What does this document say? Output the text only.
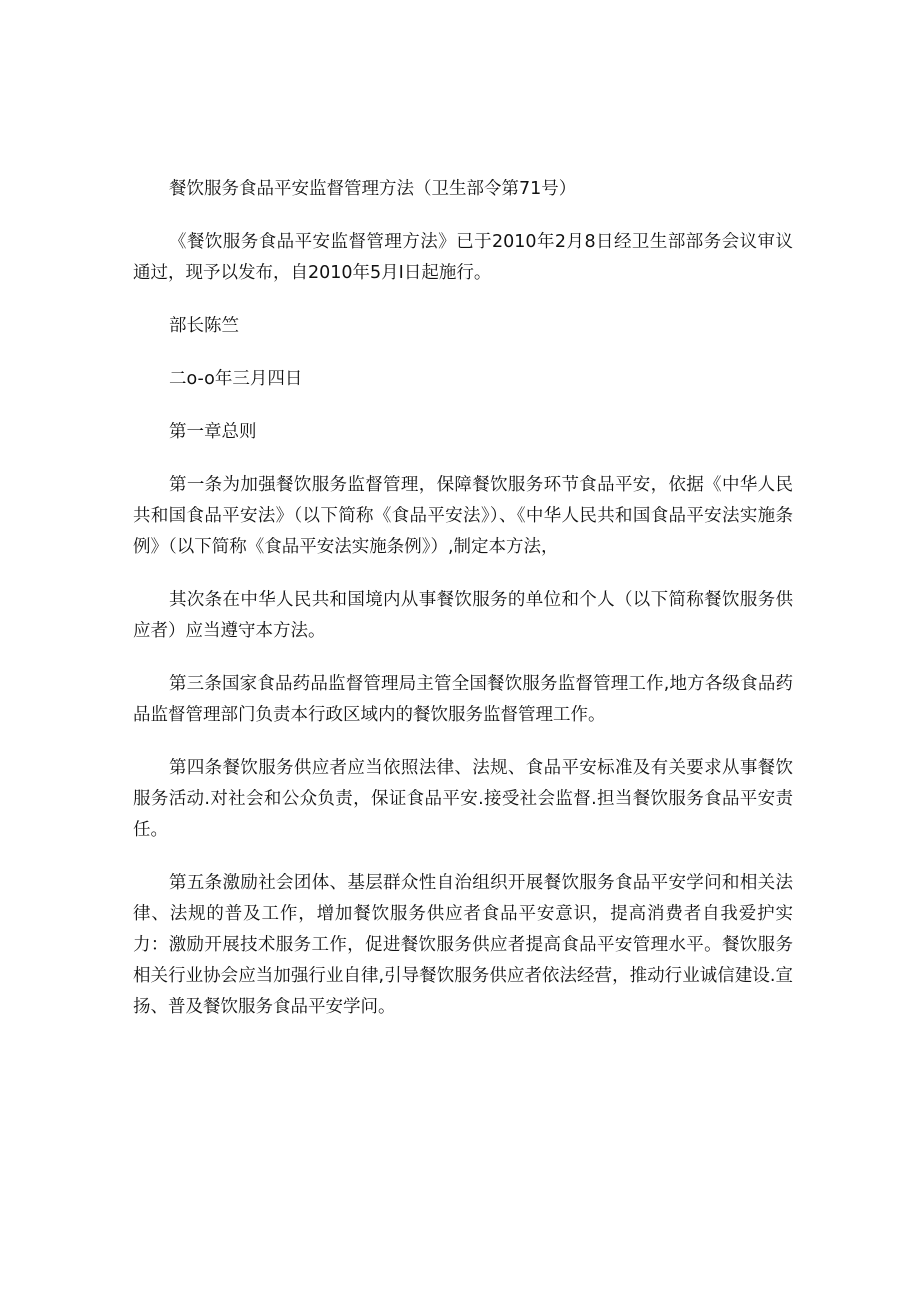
餐饮服务食品平安监督管理方法（卫生部令第71号）

《餐饮服务食品平安监督管理方法》已于2010年2月8日经卫生部部务会议审议通过，现予以发布，自2010年5月I日起施行。

部长陈竺

二o-o年三月四日

第一章总则

第一条为加强餐饮服务监督管理，保障餐饮服务环节食品平安，依据《中华人民共和国食品平安法》（以下简称《食品平安法》）、《中华人民共和国食品平安法实施条例》（以下简称《食品平安法实施条例》）,制定本方法，

其次条在中华人民共和国境内从事餐饮服务的单位和个人（以下简称餐饮服务供应者）应当遵守本方法。

第三条国家食品药品监督管理局主管全国餐饮服务监督管理工作,地方各级食品药品监督管理部门负责本行政区域内的餐饮服务监督管理工作。

第四条餐饮服务供应者应当依照法律、法规、食品平安标准及有关要求从事餐饮服务活动.对社会和公众负责，保证食品平安.接受社会监督.担当餐饮服务食品平安责任。

第五条激励社会团体、基层群众性自治组织开展餐饮服务食品平安学问和相关法律、法规的普及工作，增加餐饮服务供应者食品平安意识，提高消费者自我爱护实力：激励开展技术服务工作，促进餐饮服务供应者提高食品平安管理水平。餐饮服务相关行业协会应当加强行业自律,引导餐饮服务供应者依法经营，推动行业诚信建设.宣扬、普及餐饮服务食品平安学问。
